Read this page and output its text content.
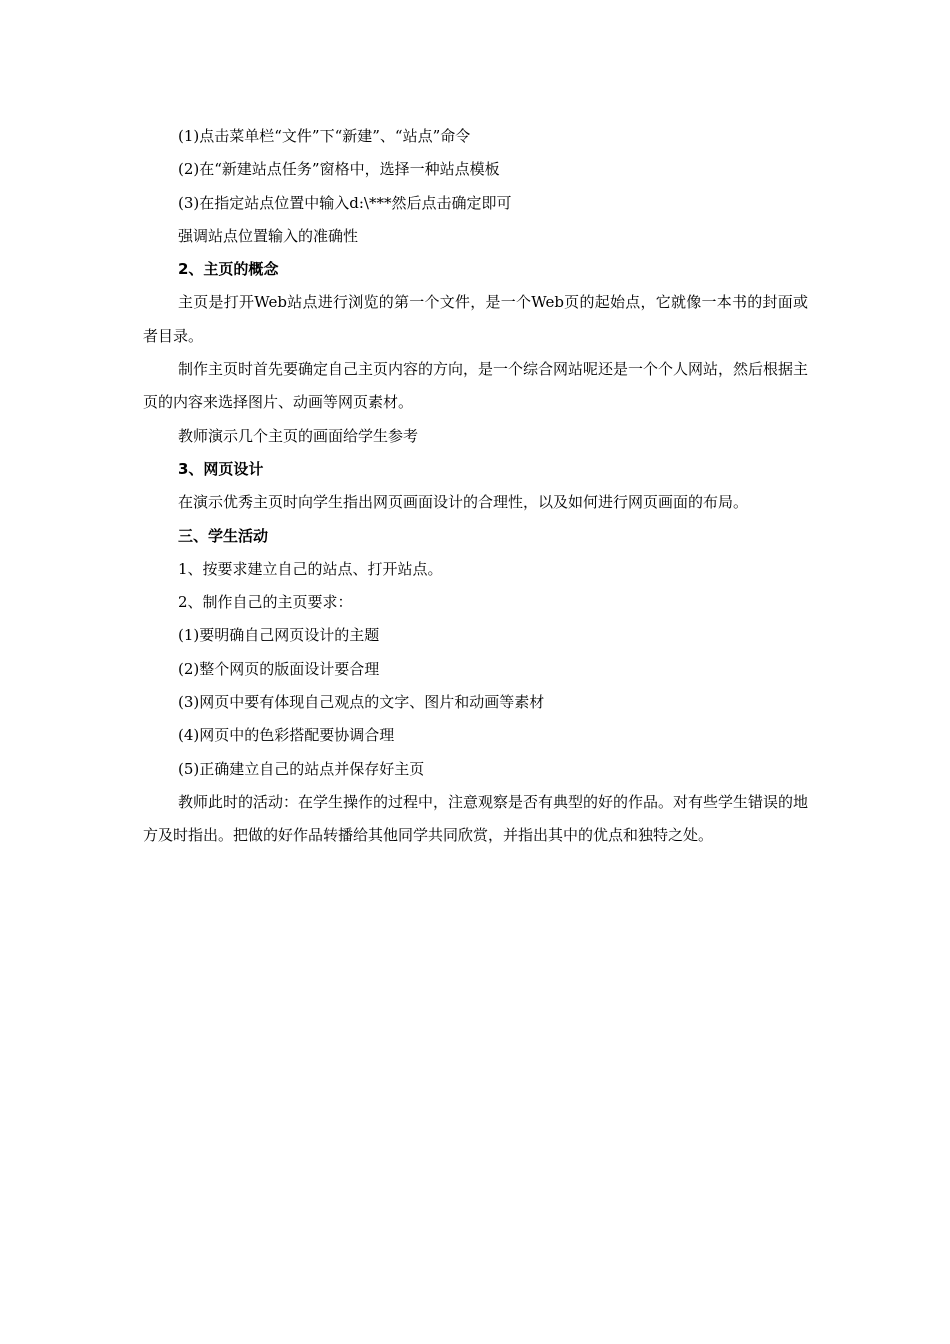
(1)点击菜单栏“文件”下“新建”、“站点”命令
(2)在“新建站点任务”窗格中，选择一种站点模板
(3)在指定站点位置中输入d:\***然后点击确定即可
强调站点位置输入的准确性
2、主页的概念
主页是打开Web站点进行浏览的第一个文件，是一个Web页的起始点，它就像一本书的封面或者目录。
制作主页时首先要确定自己主页内容的方向，是一个综合网站呢还是一个个人网站，然后根据主页的内容来选择图片、动画等网页素材。
教师演示几个主页的画面给学生参考
3、网页设计
在演示优秀主页时向学生指出网页画面设计的合理性，以及如何进行网页画面的布局。
三、学生活动
1、按要求建立自己的站点、打开站点。
2、制作自己的主页要求：
(1)要明确自己网页设计的主题
(2)整个网页的版面设计要合理
(3)网页中要有体现自己观点的文字、图片和动画等素材
(4)网页中的色彩搭配要协调合理
(5)正确建立自己的站点并保存好主页
教师此时的活动：在学生操作的过程中，注意观察是否有典型的好的作品。对有些学生错误的地方及时指出。把做的好作品转播给其他同学共同欣赏，并指出其中的优点和独特之处。
